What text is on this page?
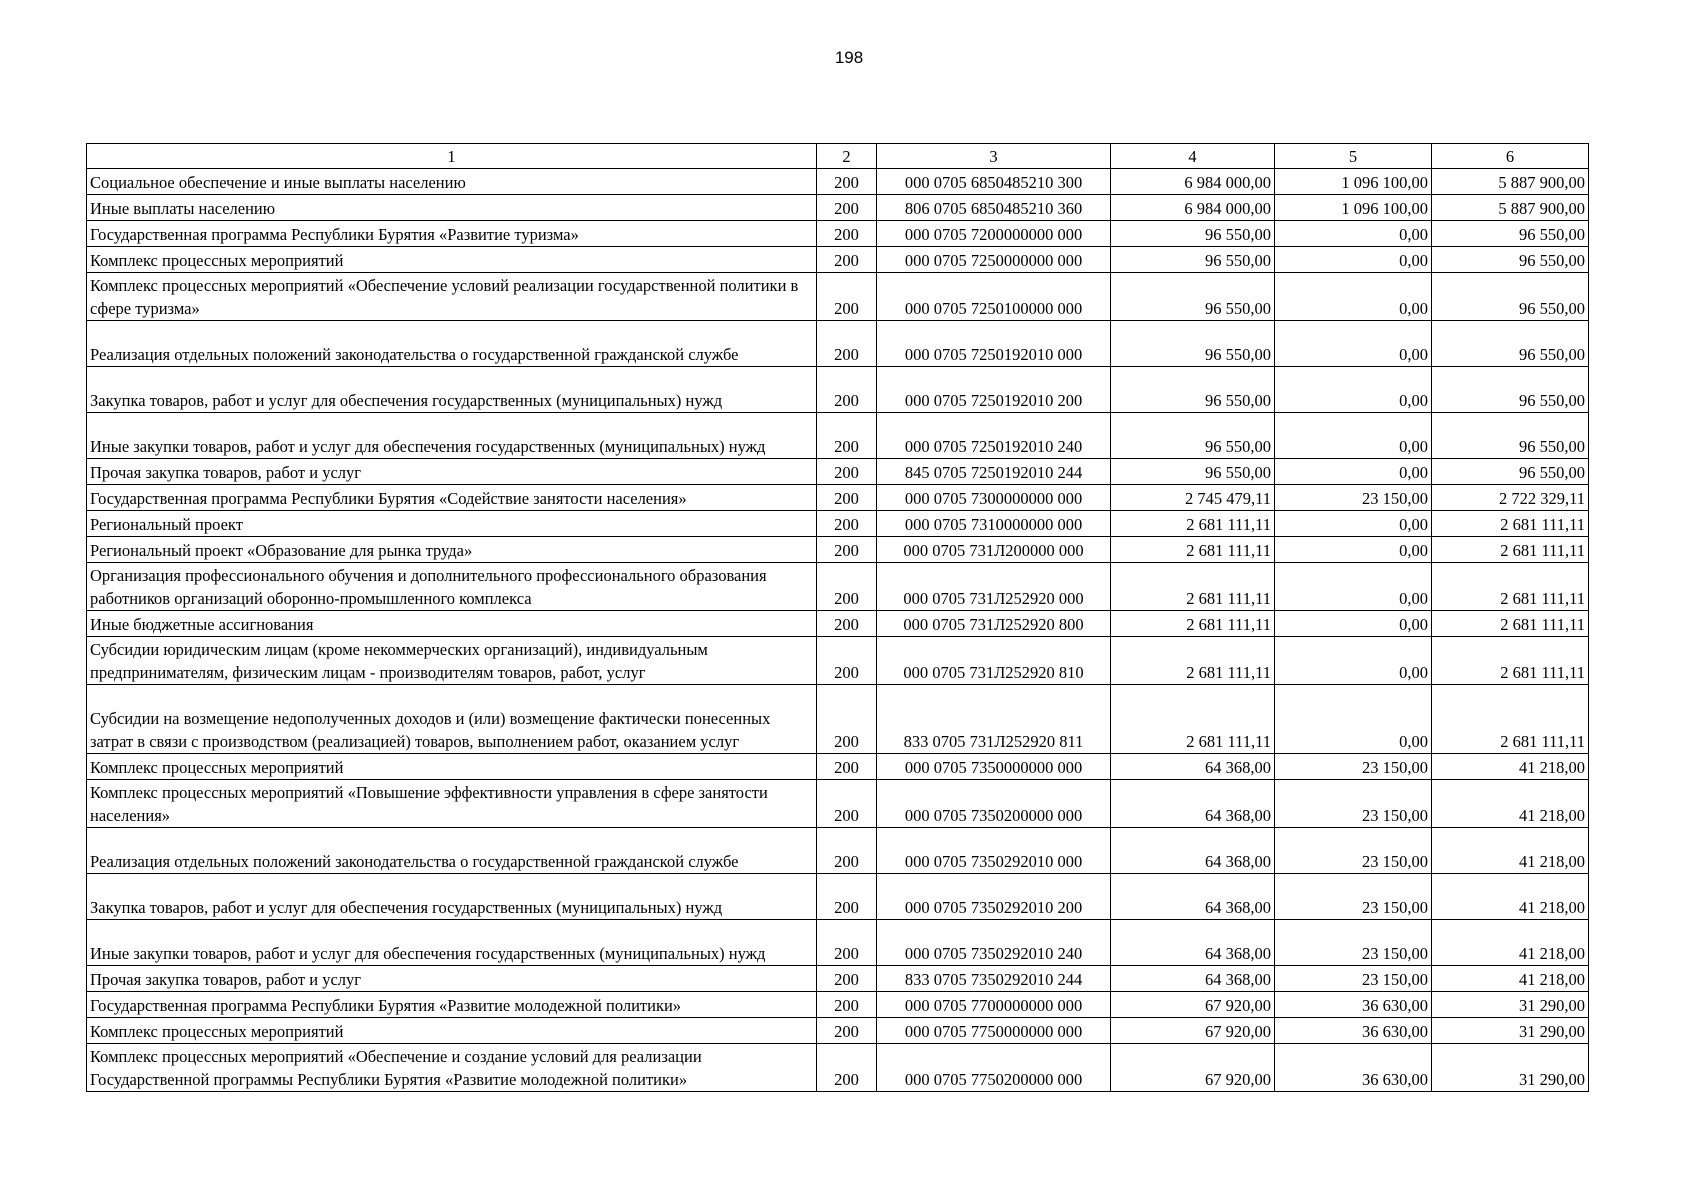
198
1	2	3	4	5	6
Социальное обеспечение и иные выплаты населению	200	000 0705 6850485210 300	6 984 000,00	1 096 100,00	5 887 900,00
Иные выплаты населению	200	806 0705 6850485210 360	6 984 000,00	1 096 100,00	5 887 900,00
Государственная программа Республики Бурятия «Развитие туризма»	200	000 0705 7200000000 000	96 550,00	0,00	96 550,00
Комплекс процессных мероприятий	200	000 0705 7250000000 000	96 550,00	0,00	96 550,00
Комплекс процессных мероприятий «Обеспечение условий реализации государственной политики в сфере туризма»	200	000 0705 7250100000 000	96 550,00	0,00	96 550,00
Реализация отдельных положений законодательства о государственной гражданской службе	200	000 0705 7250192010 000	96 550,00	0,00	96 550,00
Закупка товаров, работ и услуг для обеспечения государственных (муниципальных) нужд	200	000 0705 7250192010 200	96 550,00	0,00	96 550,00
Иные закупки товаров, работ и услуг для обеспечения государственных (муниципальных) нужд	200	000 0705 7250192010 240	96 550,00	0,00	96 550,00
Прочая закупка товаров, работ и услуг	200	845 0705 7250192010 244	96 550,00	0,00	96 550,00
Государственная программа Республики Бурятия «Содействие занятости населения»	200	000 0705 7300000000 000	2 745 479,11	23 150,00	2 722 329,11
Региональный проект	200	000 0705 7310000000 000	2 681 111,11	0,00	2 681 111,11
Региональный проект «Образование для рынка труда»	200	000 0705 731Л200000 000	2 681 111,11	0,00	2 681 111,11
Организация профессионального обучения и дополнительного профессионального образования работников организаций оборонно-промышленного комплекса	200	000 0705 731Л252920 000	2 681 111,11	0,00	2 681 111,11
Иные бюджетные ассигнования	200	000 0705 731Л252920 800	2 681 111,11	0,00	2 681 111,11
Субсидии юридическим лицам (кроме некоммерческих организаций), индивидуальным предпринимателям, физическим лицам - производителям товаров, работ, услуг	200	000 0705 731Л252920 810	2 681 111,11	0,00	2 681 111,11
Субсидии на возмещение недополученных доходов и (или) возмещение фактически понесенных затрат в связи с производством (реализацией) товаров, выполнением работ, оказанием услуг	200	833 0705 731Л252920 811	2 681 111,11	0,00	2 681 111,11
Комплекс процессных мероприятий	200	000 0705 7350000000 000	64 368,00	23 150,00	41 218,00
Комплекс процессных мероприятий «Повышение эффективности управления в сфере занятости населения»	200	000 0705 7350200000 000	64 368,00	23 150,00	41 218,00
Реализация отдельных положений законодательства о государственной гражданской службе	200	000 0705 7350292010 000	64 368,00	23 150,00	41 218,00
Закупка товаров, работ и услуг для обеспечения государственных (муниципальных) нужд	200	000 0705 7350292010 200	64 368,00	23 150,00	41 218,00
Иные закупки товаров, работ и услуг для обеспечения государственных (муниципальных) нужд	200	000 0705 7350292010 240	64 368,00	23 150,00	41 218,00
Прочая закупка товаров, работ и услуг	200	833 0705 7350292010 244	64 368,00	23 150,00	41 218,00
Государственная программа Республики Бурятия «Развитие молодежной политики»	200	000 0705 7700000000 000	67 920,00	36 630,00	31 290,00
Комплекс процессных мероприятий	200	000 0705 7750000000 000	67 920,00	36 630,00	31 290,00
Комплекс процессных мероприятий «Обеспечение и создание условий для реализации Государственной программы Республики Бурятия «Развитие молодежной политики»	200	000 0705 7750200000 000	67 920,00	36 630,00	31 290,00
